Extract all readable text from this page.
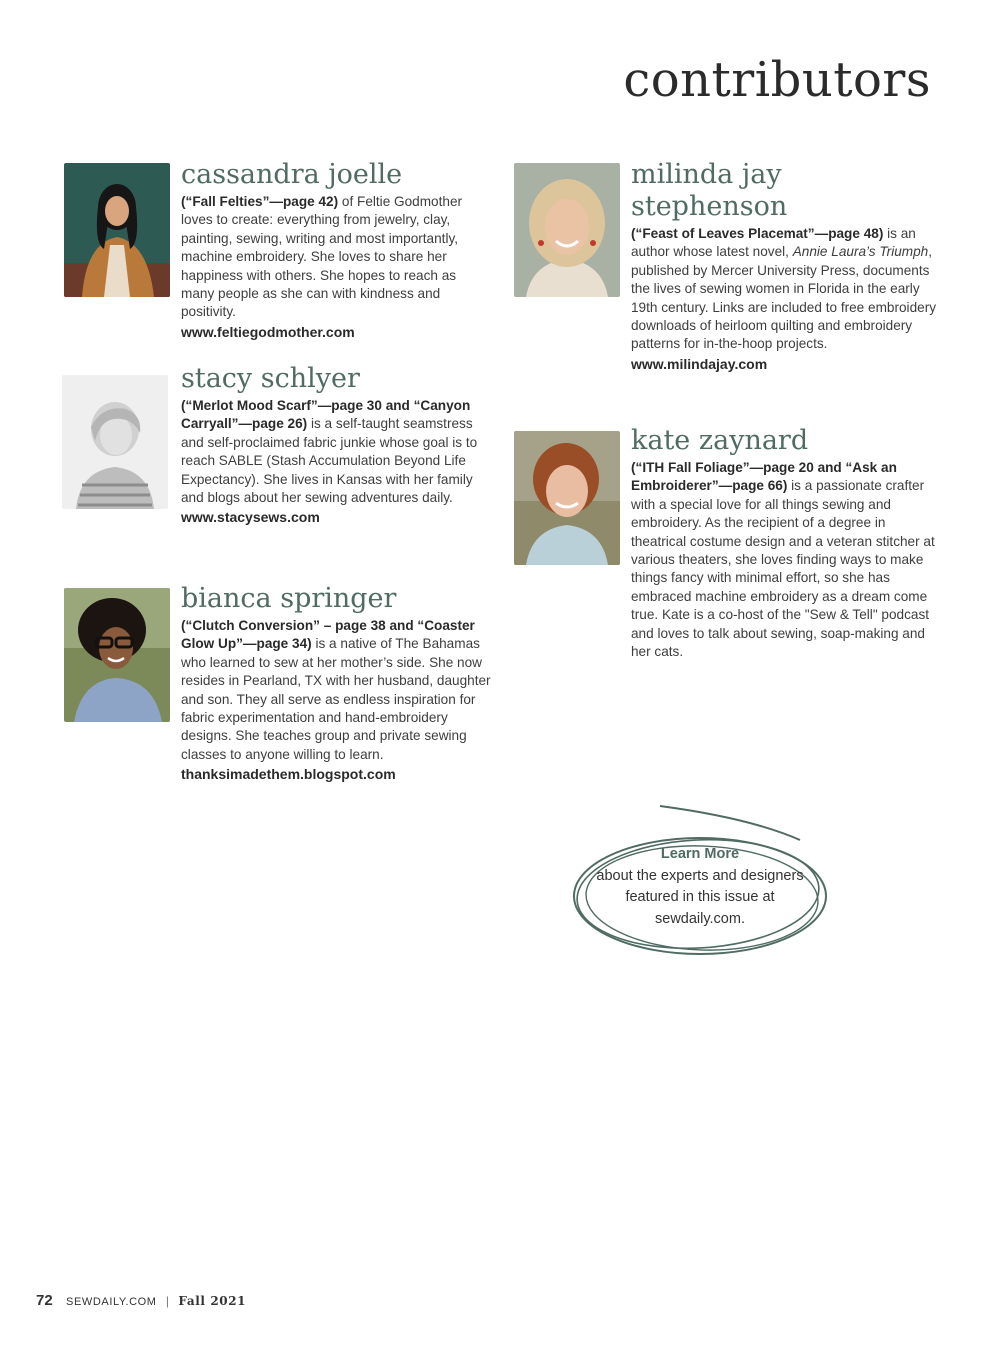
contributors
cassandra joelle

(“Fall Felties”—page 42) of Feltie Godmother loves to create: everything from jewelry, clay, painting, sewing, writing and most importantly, machine embroidery. She loves to share her happiness with others. She hopes to reach as many people as she can with kindness and positivity.
www.feltiegodmother.com

stacy schlyer

(“Merlot Mood Scarf”—page 30 and “Canyon Carryall”—page 26) is a self-taught seamstress and self-proclaimed fabric junkie whose goal is to reach SABLE (Stash Accumulation Beyond Life Expectancy). She lives in Kansas with her family and blogs about her sewing adventures daily.
www.stacysews.com

bianca springer

(“Clutch Conversion” – page 38 and “Coaster Glow Up”—page 34) is a native of The Bahamas who learned to sew at her mother’s side. She now resides in Pearland, TX with her husband, daughter and son. They all serve as endless inspiration for fabric experimentation and hand-embroidery designs. She teaches group and private sewing classes to anyone willing to learn.
thanksimadethem.blogspot.com

milinda jay stephenson

(“Feast of Leaves Placemat”—page 48) is an author whose latest novel, Annie Laura’s Triumph, published by Mercer University Press, documents the lives of sewing women in Florida in the early 19th century. Links are included to free embroidery downloads of heirloom quilting and embroidery patterns for in-the-hoop projects.
www.milindajay.com

kate zaynard

(“ITH Fall Foliage”—page 20 and “Ask an Embroiderer”—page 66) is a passionate crafter with a special love for all things sewing and embroidery. As the recipient of a degree in theatrical costume design and a veteran stitcher at various theaters, she loves finding ways to make things fancy with minimal effort, so she has embraced machine embroidery as a dream come true. Kate is a co-host of the "Sew & Tell" podcast and loves to talk about sewing, soap-making and her cats.

Learn More
about the experts and designers featured in this issue at sewdaily.com.
72 SEWDAILY.COM | Fall 2021
